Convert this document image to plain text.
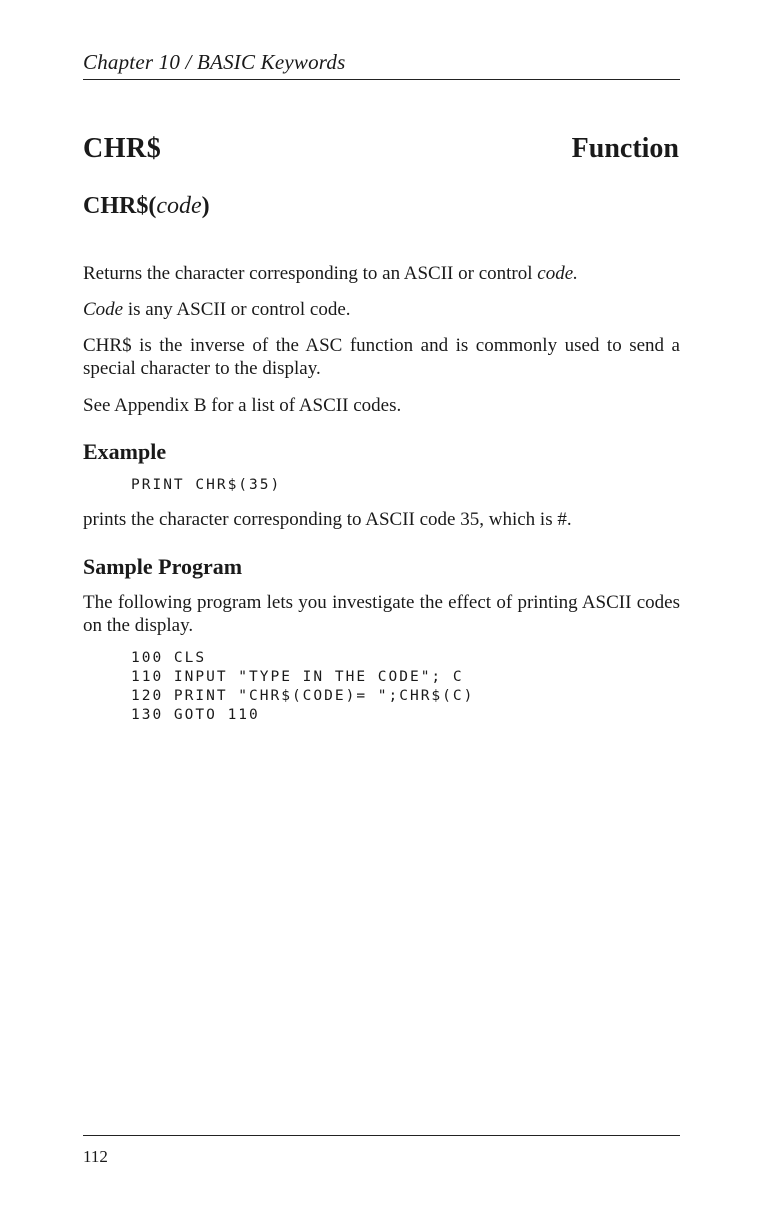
Chapter 10 / BASIC Keywords
CHR$	Function
CHR$(code)
Returns the character corresponding to an ASCII or control code.
Code is any ASCII or control code.
CHR$ is the inverse of the ASC function and is commonly used to send a special character to the display.
See Appendix B for a list of ASCII codes.
Example
PRINT CHR$(35)
prints the character corresponding to ASCII code 35, which is #.
Sample Program
The following program lets you investigate the effect of printing ASCII codes on the display.
100 CLS
110 INPUT "TYPE IN THE CODE"; C
120 PRINT "CHR$(CODE)= ";CHR$(C)
130 GOTO 110
112
